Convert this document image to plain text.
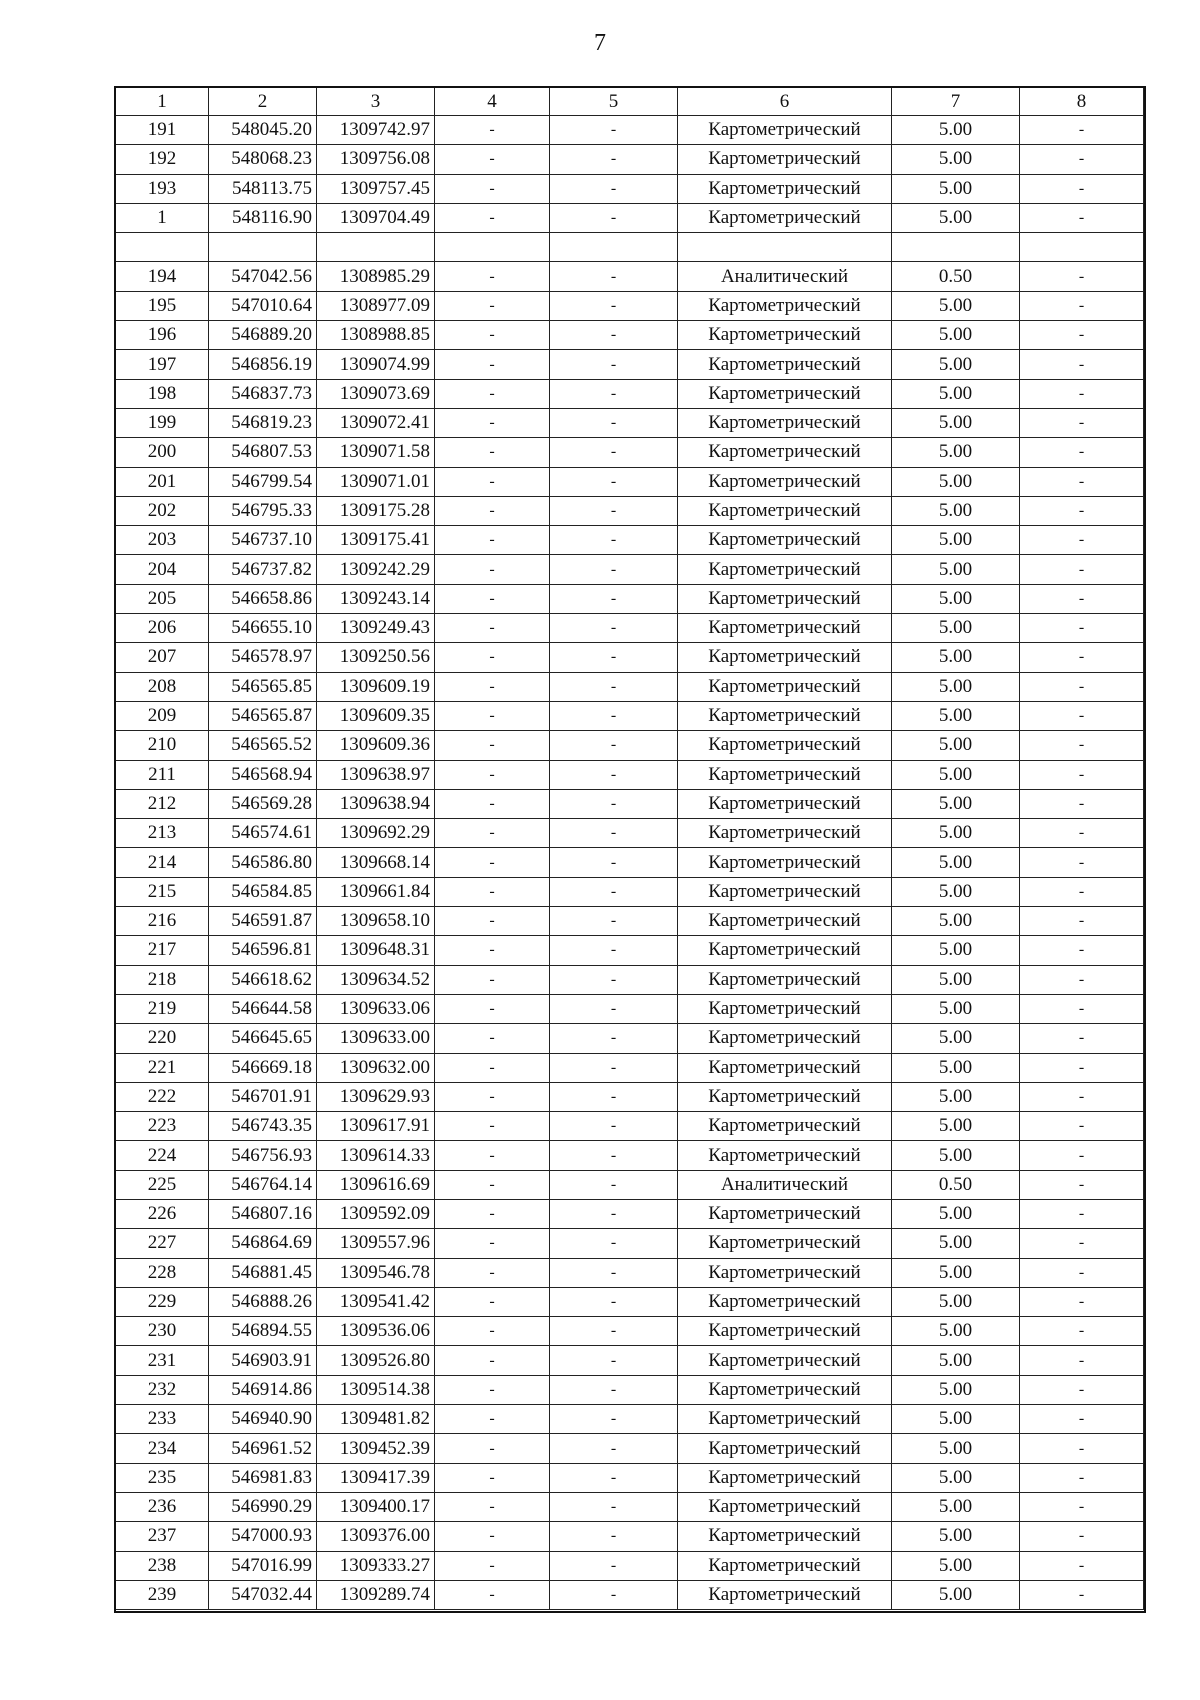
7
1	2	3	4	5	6	7	8
191	548045.20	1309742.97	-	-	Картометрический	5.00	-
192	548068.23	1309756.08	-	-	Картометрический	5.00	-
193	548113.75	1309757.45	-	-	Картометрический	5.00	-
1	548116.90	1309704.49	-	-	Картометрический	5.00	-

194	547042.56	1308985.29	-	-	Аналитический	0.50	-
195	547010.64	1308977.09	-	-	Картометрический	5.00	-
196	546889.20	1308988.85	-	-	Картометрический	5.00	-
197	546856.19	1309074.99	-	-	Картометрический	5.00	-
198	546837.73	1309073.69	-	-	Картометрический	5.00	-
199	546819.23	1309072.41	-	-	Картометрический	5.00	-
200	546807.53	1309071.58	-	-	Картометрический	5.00	-
201	546799.54	1309071.01	-	-	Картометрический	5.00	-
202	546795.33	1309175.28	-	-	Картометрический	5.00	-
203	546737.10	1309175.41	-	-	Картометрический	5.00	-
204	546737.82	1309242.29	-	-	Картометрический	5.00	-
205	546658.86	1309243.14	-	-	Картометрический	5.00	-
206	546655.10	1309249.43	-	-	Картометрический	5.00	-
207	546578.97	1309250.56	-	-	Картометрический	5.00	-
208	546565.85	1309609.19	-	-	Картометрический	5.00	-
209	546565.87	1309609.35	-	-	Картометрический	5.00	-
210	546565.52	1309609.36	-	-	Картометрический	5.00	-
211	546568.94	1309638.97	-	-	Картометрический	5.00	-
212	546569.28	1309638.94	-	-	Картометрический	5.00	-
213	546574.61	1309692.29	-	-	Картометрический	5.00	-
214	546586.80	1309668.14	-	-	Картометрический	5.00	-
215	546584.85	1309661.84	-	-	Картометрический	5.00	-
216	546591.87	1309658.10	-	-	Картометрический	5.00	-
217	546596.81	1309648.31	-	-	Картометрический	5.00	-
218	546618.62	1309634.52	-	-	Картометрический	5.00	-
219	546644.58	1309633.06	-	-	Картометрический	5.00	-
220	546645.65	1309633.00	-	-	Картометрический	5.00	-
221	546669.18	1309632.00	-	-	Картометрический	5.00	-
222	546701.91	1309629.93	-	-	Картометрический	5.00	-
223	546743.35	1309617.91	-	-	Картометрический	5.00	-
224	546756.93	1309614.33	-	-	Картометрический	5.00	-
225	546764.14	1309616.69	-	-	Аналитический	0.50	-
226	546807.16	1309592.09	-	-	Картометрический	5.00	-
227	546864.69	1309557.96	-	-	Картометрический	5.00	-
228	546881.45	1309546.78	-	-	Картометрический	5.00	-
229	546888.26	1309541.42	-	-	Картометрический	5.00	-
230	546894.55	1309536.06	-	-	Картометрический	5.00	-
231	546903.91	1309526.80	-	-	Картометрический	5.00	-
232	546914.86	1309514.38	-	-	Картометрический	5.00	-
233	546940.90	1309481.82	-	-	Картометрический	5.00	-
234	546961.52	1309452.39	-	-	Картометрический	5.00	-
235	546981.83	1309417.39	-	-	Картометрический	5.00	-
236	546990.29	1309400.17	-	-	Картометрический	5.00	-
237	547000.93	1309376.00	-	-	Картометрический	5.00	-
238	547016.99	1309333.27	-	-	Картометрический	5.00	-
239	547032.44	1309289.74	-	-	Картометрический	5.00	-
